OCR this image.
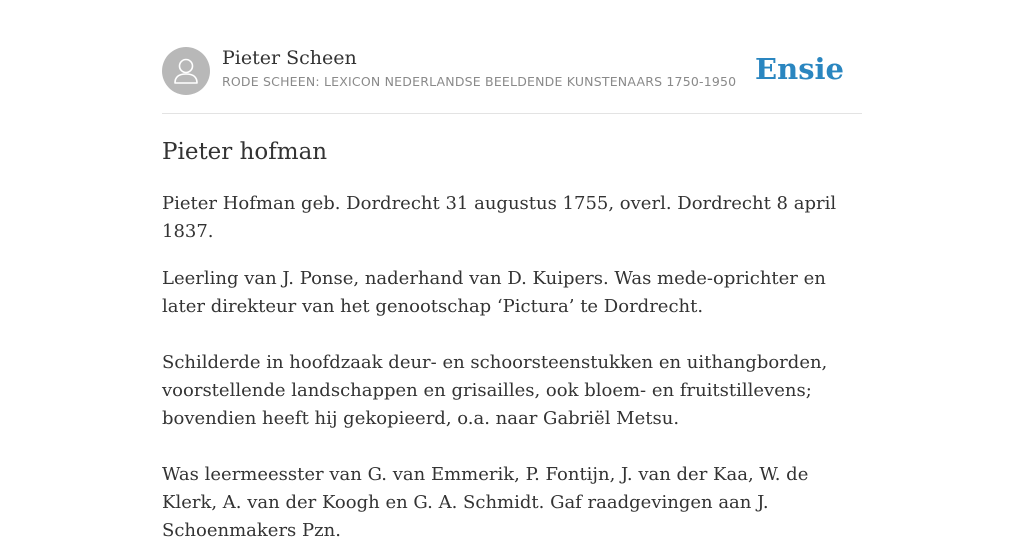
Pieter Scheen
RODE SCHEEN: LEXICON NEDERLANDSE BEELDENDE KUNSTENAARS 1750-1950 Ensie
Pieter hofman

Pieter Hofman geb. Dordrecht 31 augustus 1755, overl. Dordrecht 8 april 1837.

Leerling van J. Ponse, naderhand van D. Kuipers. Was mede-oprichter en later direkteur van het genootschap ‘Pictura’ te Dordrecht.

Schilderde in hoofdzaak deur- en schoorsteenstukken en uithangborden, voorstellende landschappen en grisailles, ook bloem- en fruitstillevens; bovendien heeft hij gekopieerd, o.a. naar Gabriël Metsu.

Was leermeesster van G. van Emmerik, P. Fontijn, J. van der Kaa, W. de Klerk, A. van der Koogh en G. A. Schmidt. Gaf raadgevingen aan J. Schoenmakers Pzn.
